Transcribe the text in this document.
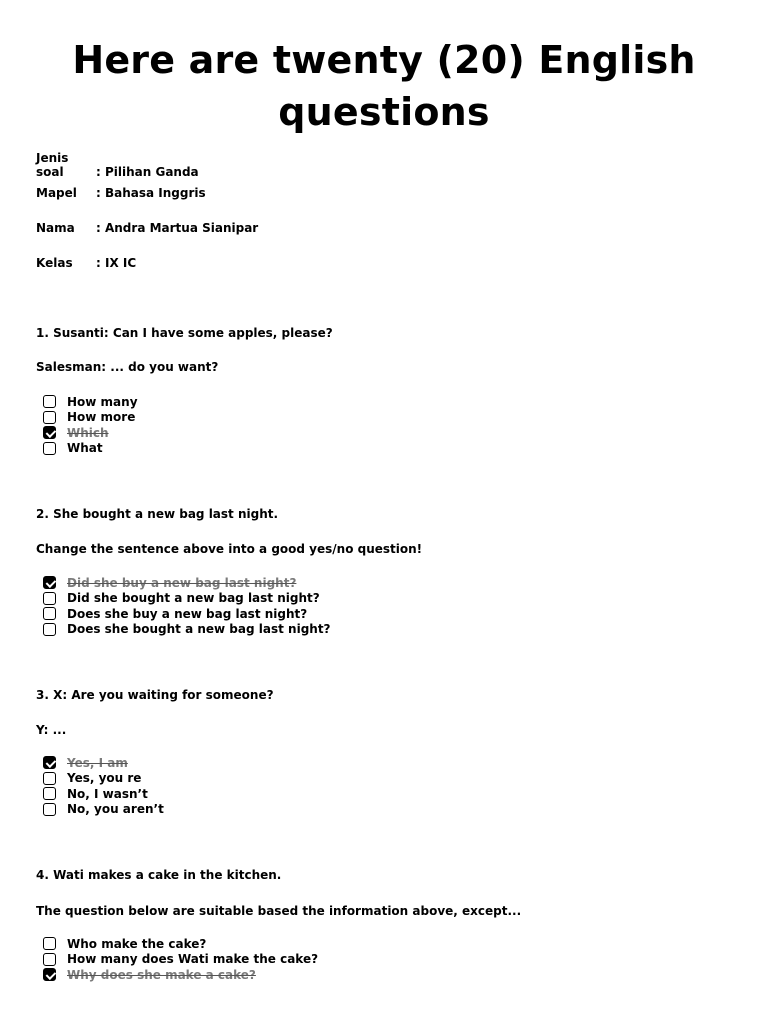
Here are twenty (20) English questions
Jenis soal	: Pilihan Ganda
Mapel : Bahasa Inggris
Nama : Andra Martua Sianipar
Kelas : IX IC
1. Susanti: Can I have some apples, please?
Salesman: ... do you want?
How many
How more
Which
What
2. She bought a new bag last night.
Change the sentence above into a good yes/no question!
Did she buy a new bag last night?
Did she bought a new bag last night?
Does she buy a new bag last night?
Does she bought a new bag last night?
3. X: Are you waiting for someone?
Y: ...
Yes, I am
Yes, you re
No, I wasn’t
No, you aren’t
4. Wati makes a cake in the kitchen.
The question below are suitable based the information above, except...
Who make the cake?
How many does Wati make the cake?
Why does she make a cake?
